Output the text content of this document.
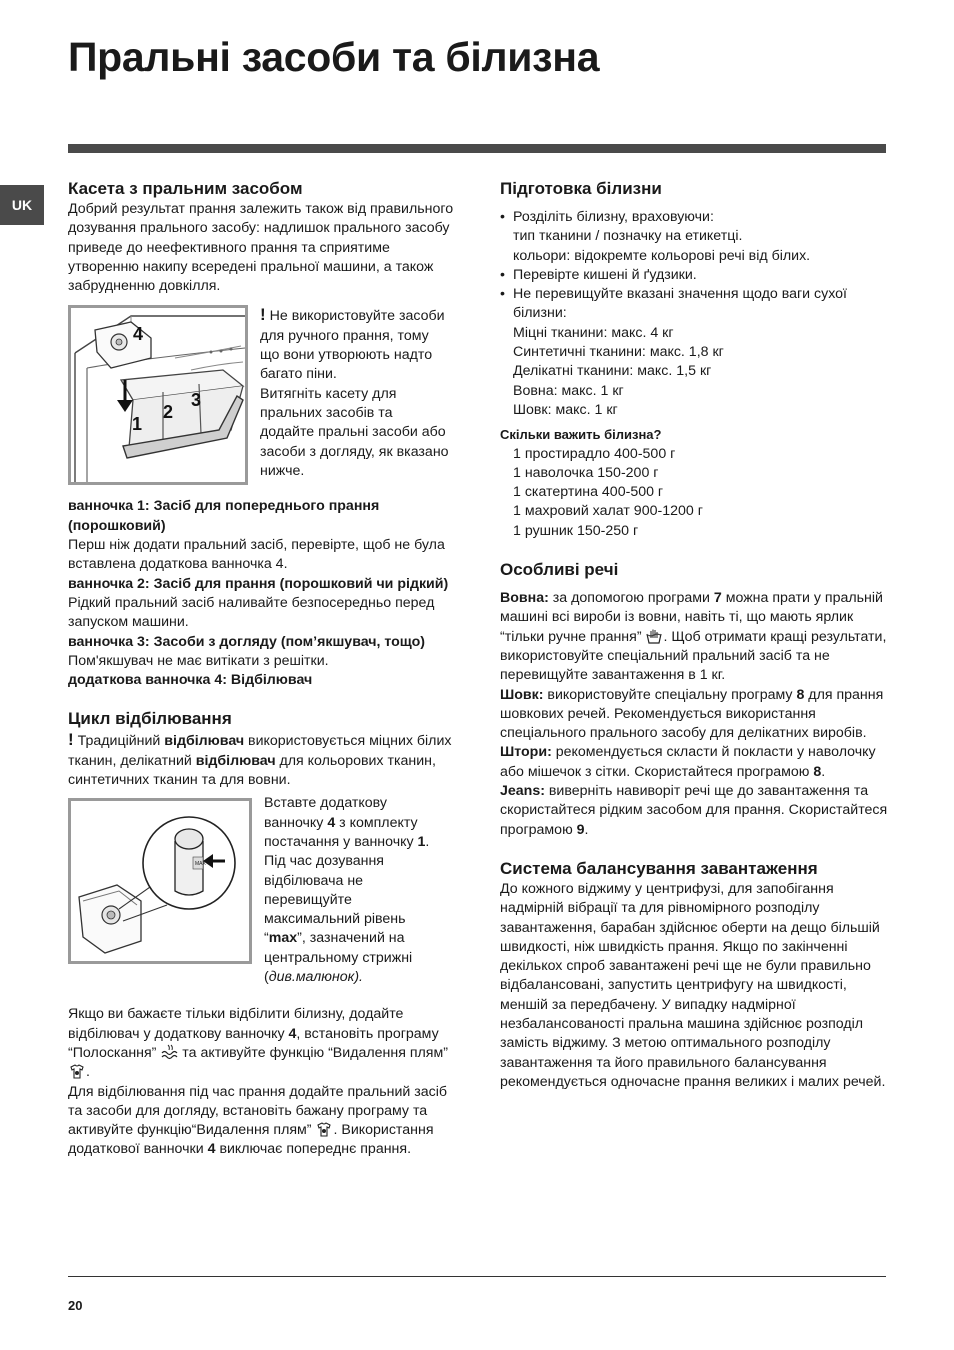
Пральні засоби та білизна
UK
Касета з пральним засобом

Добрий результат прання залежить також від правильного дозування прального засобу: надлишок прального засобу приведе до неефективного прання та сприятиме утворенню накипу всередені пральної машини, а також забрудненню довкілля.

4
1
2
3

! Не використовуйте засоби для ручного прання, тому що вони утворюють надто багато піни.

Витягніть касету для пральних засобів та додайте пральні засоби або засоби з догляду, як вказано нижче.

ванночка 1: Засіб для попереднього прання (порошковий)

Перш ніж додати пральний засіб, перевірте, щоб не була вставлена додаткова ванночка 4.

ванночка 2: Засіб для прання (порошковий чи рідкий)

Рідкий пральний засіб наливайте безпосередньо перед запуском машини.

ванночка 3: Засоби з догляду (пом’якшувач, тощо)

Пом'якшувач не має витікати з решітки.

додаткова ванночка 4: Відбілювач

Цикл відбілювання

! Традиційний відбілювач використовується міцних білих тканин, делікатний відбілювач для кольорових тканин, синтетичних тканин та для вовни.

MAX

Вставте додаткову ванночку 4 з комплекту постачання у ванночку 1. Під час дозування відбілювача не перевищуйте максимальний рівень “max”, зазначений на центральному стрижні (див.малюнок).

Якщо ви бажаєте тільки відбілити білизну, додайте відбілювач у додаткову ванночку 4, встановіть програму “Полоскання”  та активуйте функцію “Видалення плям” .

Для відбілювання під час прання додайте пральний засіб та засоби для догляду, встановіть бажану програму та активуйте функцію“Видалення плям” . Використання додаткової ванночки 4 виключає попереднє прання.

Підготовка білизни
• Розділіть білизну, враховуючи:
тип тканини / позначку на етикетці.
кольори: відокремте кольорові речі від білих.
• Перевірте кишені й ґудзики.
• Не перевищуйте вказані значення щодо ваги сухої білизни:
Міцні тканини: макс. 4 кг
Синтетичні тканини: макс. 1,8 кг
Делікатні тканини: макс. 1,5 кг
Вовна: макс. 1 кг
Шовк: макс. 1 кг

Скільки важить білизна?

1 простирадло 400-500 г
1 наволочка 150-200 г
1 скатертина 400-500 г
1 махровий халат 900-1200 г
1 рушник 150-250 г
Особливі речі

Вовна: за допомогою програми 7 можна прати у пральній машині всі вироби із вовни, навіть ті, що мають ярлик “тільки ручне прання” . Щоб отримати кращі результати, використовуйте спеціальний пральний засіб та не перевищуйте завантаження в 1 кг.

Шовк: використовуйте спеціальну програму 8 для прання шовкових речей. Рекомендується використання спеціального прального засобу для делікатних виробів.

Штори: рекомендується скласти й покласти у наволочку або мішечок з сітки. Скористайтеся програмою 8.

Jeans: виверніть навиворіт речі ще до завантаження та скористайтеся рідким засобом для прання. Скористайтеся програмою 9.

Система балансування завантаження

До кожного віджиму у центрифузі, для запобігання надмірній вібрації та для рівномірного розподілу завантаження, барабан здійснює оберти на дещо більшій швидкості, ніж швидкість прання. Якщо по закінченні декількох спроб завантажені речі ще не були правильно відбалансовані, запустить центрифугу на швидкості, меншій за передбачену. У випадку надмірної незбалансованості пральна машина здійснює розподіл замість віджиму. З метою оптимального розподілу завантаження та його правильного балансування рекомендується одночасне прання великих і малих речей.

20
